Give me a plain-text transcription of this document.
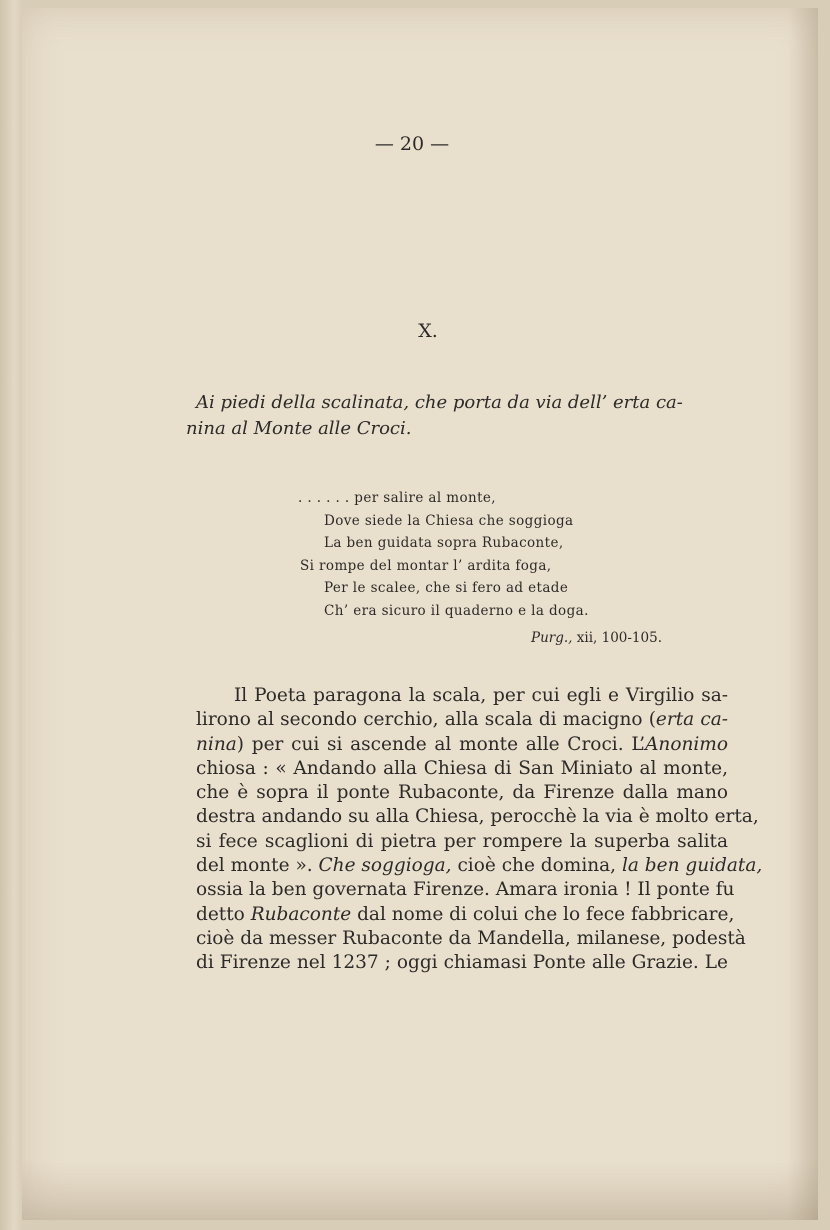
— 20 —
X.
Ai piedi della scalinata, che porta da via dell’ erta ca-
nina al Monte alle Croci.
. . . . . . per salire al monte,
Dove siede la Chiesa che soggioga
La ben guidata sopra Rubaconte,
Si rompe del montar l’ ardita foga,
Per le scalee, che si fero ad etade
Ch’ era sicuro il quaderno e la doga.
Purg., xii, 100-105.
Il Poeta paragona la scala, per cui egli e Virgilio sa-
lirono al secondo cerchio, alla scala di macigno (erta ca-
nina) per cui si ascende al monte alle Croci. L’Anonimo
chiosa : « Andando alla Chiesa di San Miniato al monte,
che è sopra il ponte Rubaconte, da Firenze dalla mano
destra andando su alla Chiesa, perocchè la via è molto erta,
si fece scaglioni di pietra per rompere la superba salita
del monte ». Che soggioga, cioè che domina, la ben guidata,
ossia la ben governata Firenze. Amara ironia ! Il ponte fu
detto Rubaconte dal nome di colui che lo fece fabbricare,
cioè da messer Rubaconte da Mandella, milanese, podestà
di Firenze nel 1237 ; oggi chiamasi Ponte alle Grazie. Le
